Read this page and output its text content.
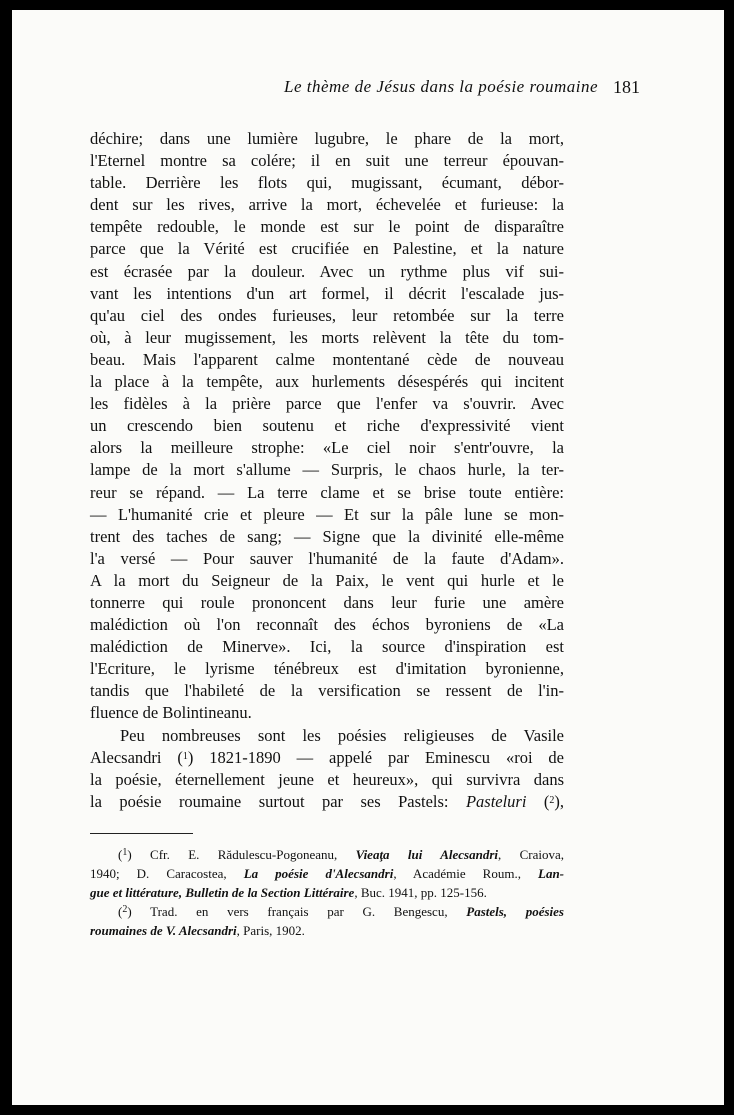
Le thème de Jésus dans la poésie roumaine 181
déchire; dans une lumière lugubre, le phare de la mort,
l'Eternel montre sa colére; il en suit une terreur épouvan-
table. Derrière les flots qui, mugissant, écumant, débor-
dent sur les rives, arrive la mort, échevelée et furieuse: la
tempête redouble, le monde est sur le point de disparaître
parce que la Vérité est crucifiée en Palestine, et la nature
est écrasée par la douleur. Avec un rythme plus vif sui-
vant les intentions d'un art formel, il décrit l'escalade jus-
qu'au ciel des ondes furieuses, leur retombée sur la terre
où, à leur mugissement, les morts relèvent la tête du tom-
beau. Mais l'apparent calme montentané cède de nouveau
la place à la tempête, aux hurlements désespérés qui incitent
les fidèles à la prière parce que l'enfer va s'ouvrir. Avec
un crescendo bien soutenu et riche d'expressivité vient
alors la meilleure strophe: «Le ciel noir s'entr'ouvre, la
lampe de la mort s'allume — Surpris, le chaos hurle, la ter-
reur se répand. — La terre clame et se brise toute entière:
— L'humanité crie et pleure — Et sur la pâle lune se mon-
trent des taches de sang; — Signe que la divinité elle-même
l'a versé — Pour sauver l'humanité de la faute d'Adam».
A la mort du Seigneur de la Paix, le vent qui hurle et le
tonnerre qui roule prononcent dans leur furie une amère
malédiction où l'on reconnaît des échos byroniens de «La
malédiction de Minerve». Ici, la source d'inspiration est
l'Ecriture, le lyrisme ténébreux est d'imitation byronienne,
tandis que l'habileté de la versification se ressent de l'in-
fluence de Bolintineanu.
Peu nombreuses sont les poésies religieuses de Vasile
Alecsandri ($^1$) 1821-1890 — appelé par Eminescu «roi de
la poésie, éternellement jeune et heureux», qui survivra dans
la poésie roumaine surtout par ses Pastels: Pasteluri ($^2$),
($^1$) Cfr. E. Rădulescu-Pogoneanu, Vieaţa lui Alecsandri, Craiova,
1940; D. Caracostea, La poésie d'Alecsandri, Académie Roum., Lan-
gue et littérature, Bulletin de la Section Littéraire, Buc. 1941, pp. 125-156.
($^2$) Trad. en vers français par G. Bengescu, Pastels, poésies
roumaines de V. Alecsandri, Paris, 1902.
